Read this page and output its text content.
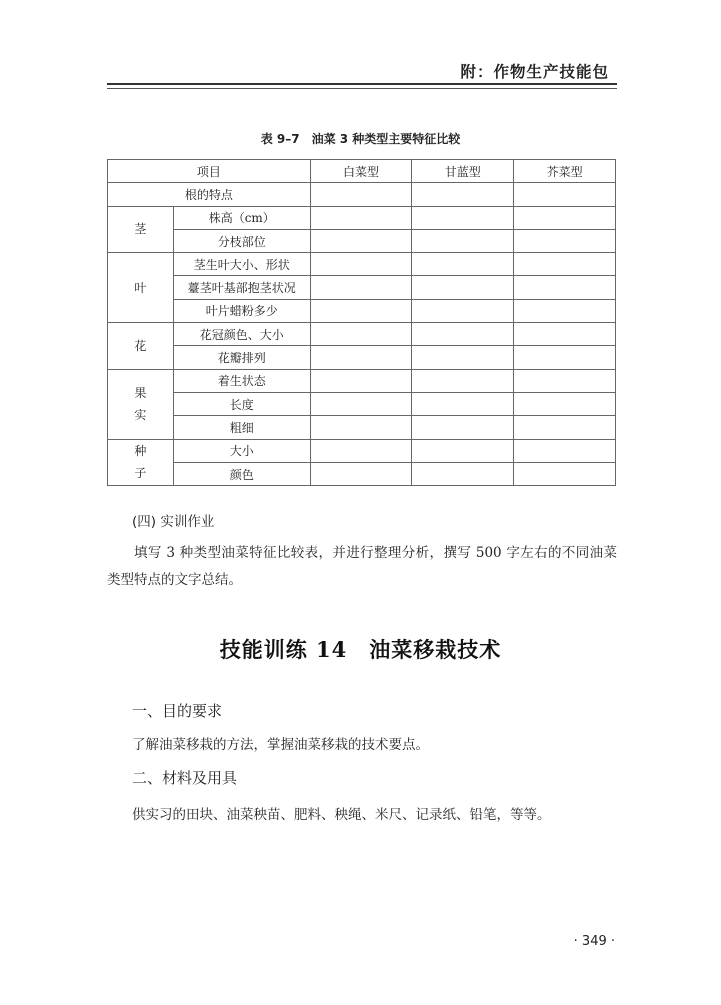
附：作物生产技能包
表 9–7　油菜 3 种类型主要特征比较
项目		白菜型	甘蓝型	芥菜型
根的特点				
茎	株高（cm）			
	分枝部位			
叶	茎生叶大小、形状			
	薹茎叶基部抱茎状况			
	叶片蜡粉多少			
花	花冠颜色、大小			
	花瓣排列			
果
实	着生状态			
	长度			
	粗细			
种
子	大小			
	颜色			
(四) 实训作业
填写 3 种类型油菜特征比较表，并进行整理分析，撰写 500 字左右的不同油菜类型特点的文字总结。
技能训练 14　油菜移栽技术
一、目的要求
了解油菜移栽的方法，掌握油菜移栽的技术要点。
二、材料及用具
供实习的田块、油菜秧苗、肥料、秧绳、米尺、记录纸、铅笔，等等。
· 349 ·
